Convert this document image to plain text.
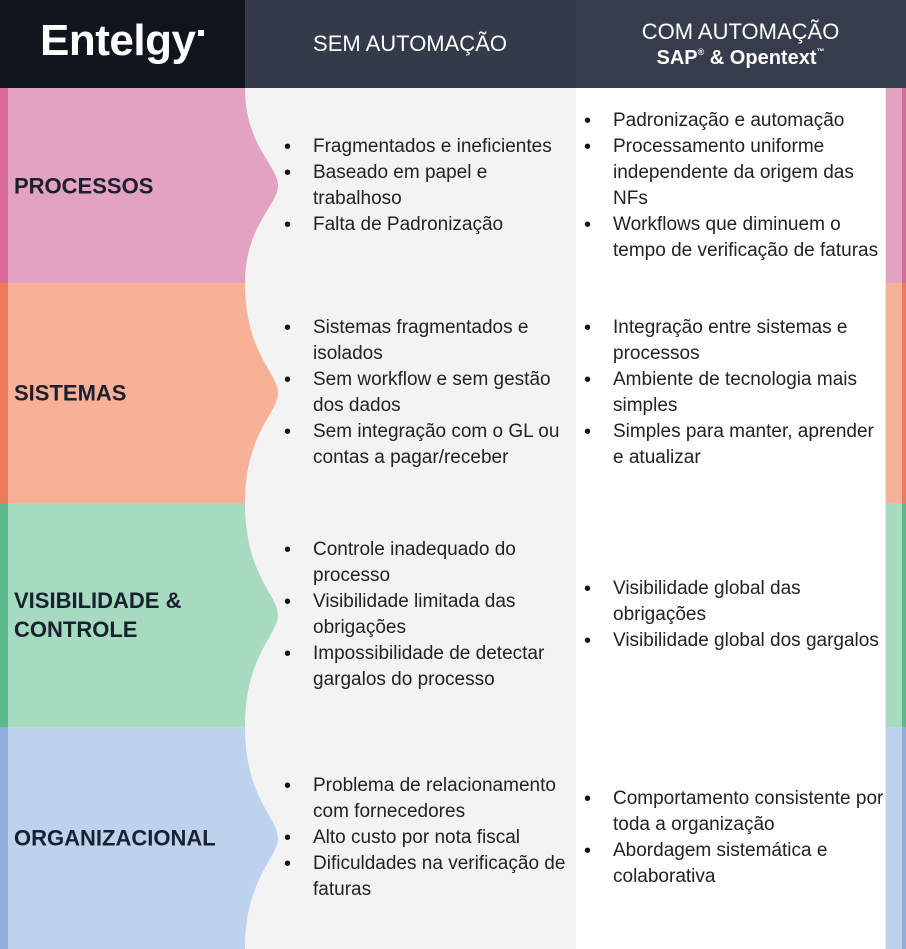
Entelgy	SEM AUTOMAÇÃO	COM AUTOMAÇÃO
SAP® & Opentext™
PROCESSOS
• Fragmentados e ineficientes
• Baseado em papel e trabalhoso
• Falta de Padronização
• Padronização e automação
• Processamento uniforme independente da origem das NFs
• Workflows que diminuem o tempo de verificação de faturas
SISTEMAS
• Sistemas fragmentados e isolados
• Sem workflow e sem gestão dos dados
• Sem integração com o GL ou contas a pagar/receber
• Integração entre sistemas e processos
• Ambiente de tecnologia mais simples
• Simples para manter, aprender e atualizar
VISIBILIDADE & CONTROLE
• Controle inadequado do processo
• Visibilidade limitada das obrigações
• Impossibilidade de detectar gargalos do processo
• Visibilidade global das obrigações
• Visibilidade global dos gargalos
ORGANIZACIONAL
• Problema de relacionamento com fornecedores
• Alto custo por nota fiscal
• Dificuldades na verificação de faturas
• Comportamento consistente por toda a organização
• Abordagem sistemática e colaborativa
